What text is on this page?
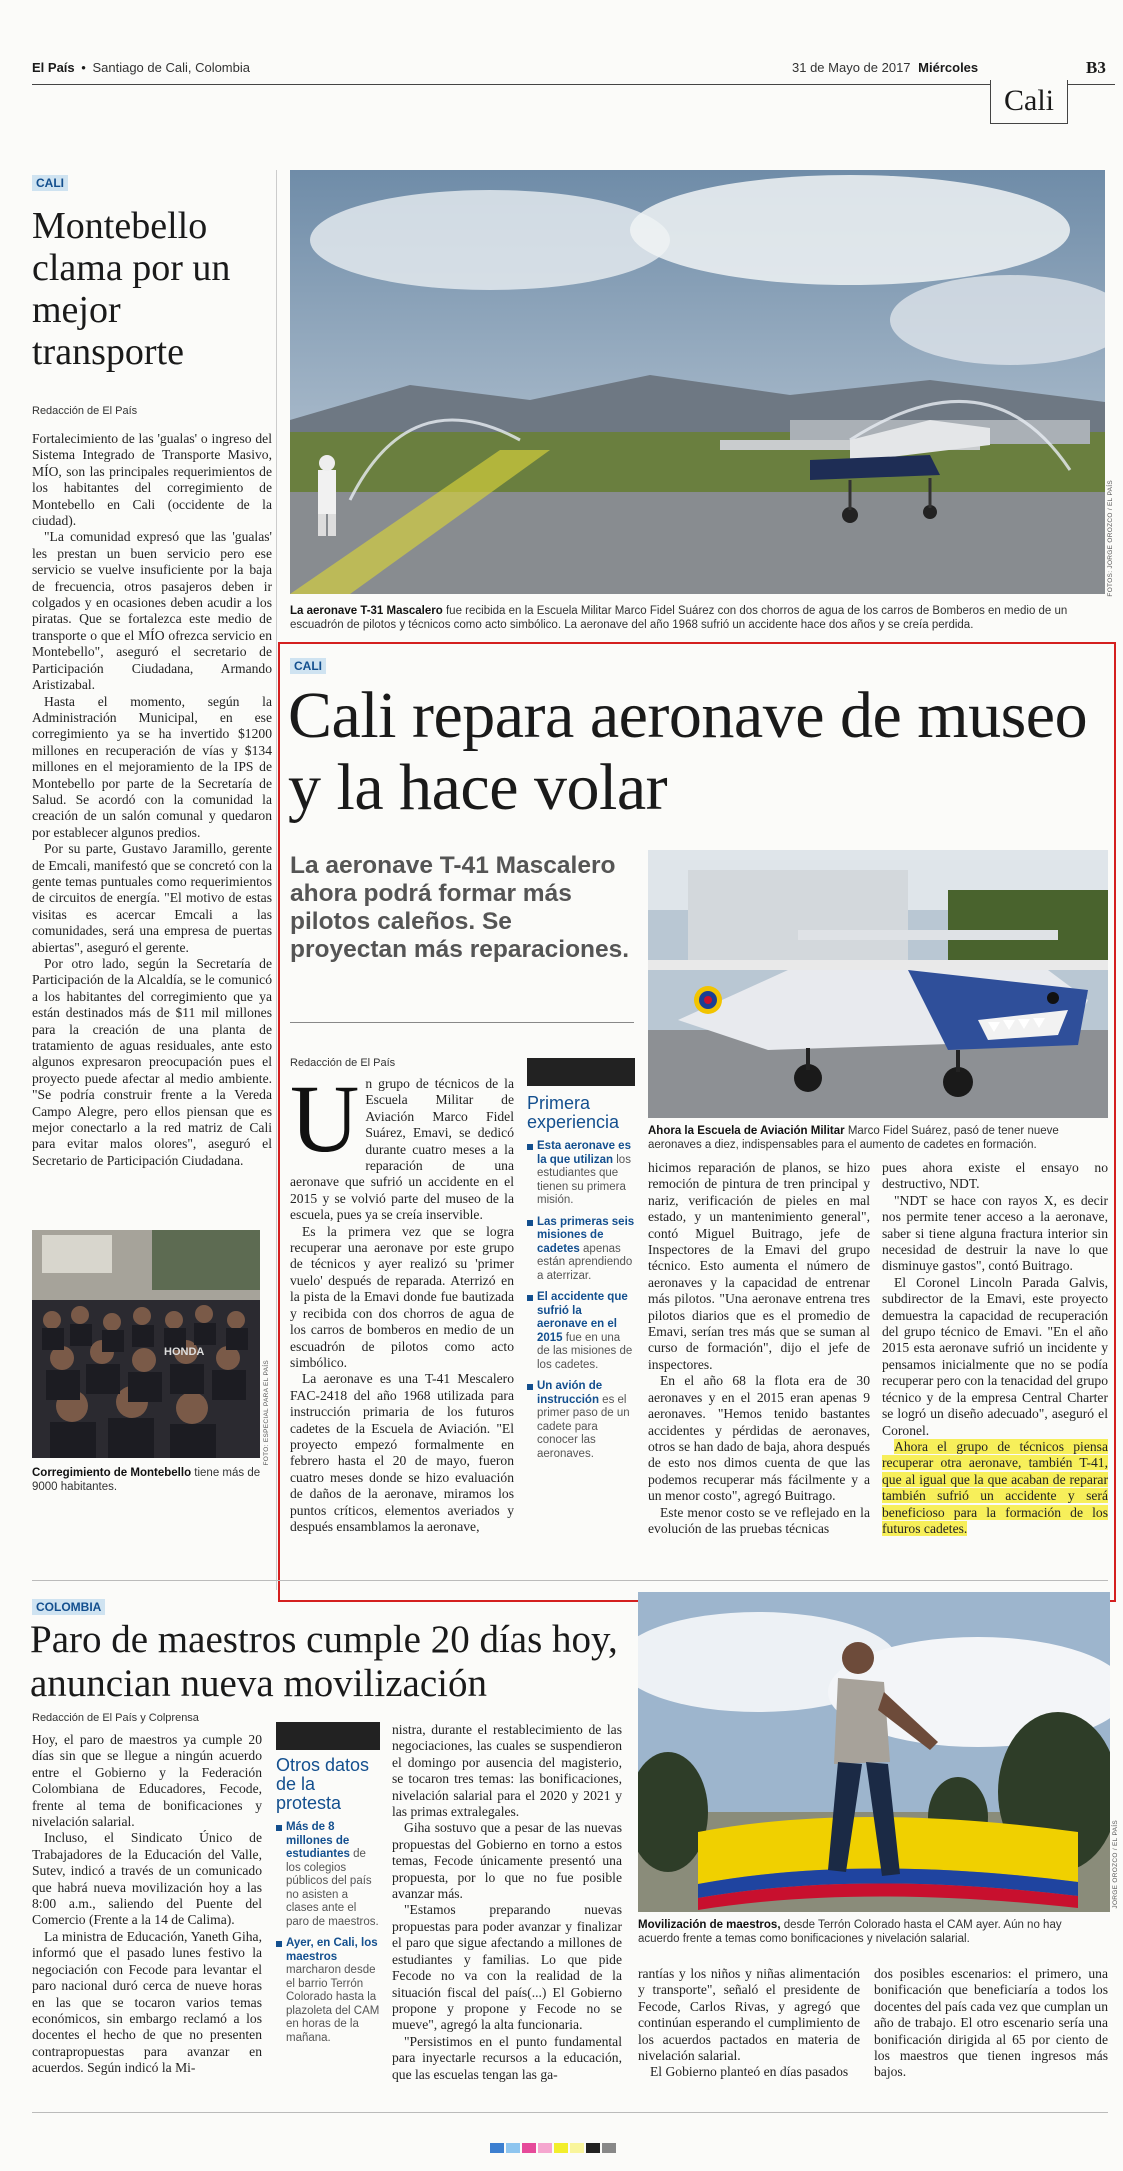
El País • Santiago de Cali, Colombia	31 de Mayo de 2017 Miércoles	B3
Cali
CALI
Montebello clama por un mejor transporte
Redacción de El País

Fortalecimiento de las 'gualas' o ingreso del Sistema Integrado de Transporte Masivo, MÍO, son las principales requerimientos de los habitantes del corregimiento de Montebello en Cali (occidente de la ciudad).

"La comunidad expresó que las 'gualas' les prestan un buen servicio pero ese servicio se vuelve insuficiente por la baja de frecuencia, otros pasajeros deben ir colgados y en ocasiones deben acudir a los piratas. Que se fortalezca este medio de transporte o que el MÍO ofrezca servicio en Montebello", aseguró el secretario de Participación Ciudadana, Armando Aristizabal.

Hasta el momento, según la Administración Municipal, en ese corregimiento ya se ha invertido $1200 millones en recuperación de vías y $134 millones en el mejoramiento de la IPS de Montebello por parte de la Secretaría de Salud. Se acordó con la comunidad la creación de un salón comunal y quedaron por establecer algunos predios.

Por su parte, Gustavo Jaramillo, gerente de Emcali, manifestó que se concretó con la gente temas puntuales como requerimientos de circuitos de energía. "El motivo de estas visitas es acercar Emcali a las comunidades, será una empresa de puertas abiertas", aseguró el gerente.

Por otro lado, según la Secretaría de Participación de la Alcaldía, se le comunicó a los habitantes del corregimiento que ya están destinados más de $11 mil millones para la creación de una planta de tratamiento de aguas residuales, ante esto algunos expresaron preocupación pues el proyecto puede afectar al medio ambiente. "Se podría construir frente a la Vereda Campo Alegre, pero ellos piensan que es mejor conectarlo a la red matriz de Cali para evitar malos olores", aseguró el Secretario de Participación Ciudadana.

HONDA
FOTO: ESPECIAL PARA EL PAÍS
Corregimiento de Montebello tiene más de 9000 habitantes.
FOTOS: JORGE OROZCO / EL PAÍS
La aeronave T-31 Mascalero fue recibida en la Escuela Militar Marco Fidel Suárez con dos chorros de agua de los carros de Bomberos en medio de un escuadrón de pilotos y técnicos como acto simbólico. La aeronave del año 1968 sufrió un accidente hace dos años y se creía perdida.
CALI
Cali repara aeronave de museo y la hace volar
La aeronave T-41 Mascalero ahora podrá formar más pilotos caleños. Se proyectan más reparaciones.
Ahora la Escuela de Aviación Militar Marco Fidel Suárez, pasó de tener nueve aeronaves a diez, indispensables para el aumento de cadetes en formación.
Redacción de El País
U n grupo de técnicos de la Escuela Militar de Aviación Marco Fidel Suárez, Emavi, se dedicó durante cuatro meses a la reparación de una aeronave que sufrió un accidente en el 2015 y se volvió parte del museo de la escuela, pues ya se creía inservible.

Es la primera vez que se logra recuperar una aeronave por este grupo de técnicos y ayer realizó su 'primer vuelo' después de reparada. Aterrizó en la pista de la Emavi donde fue bautizada y recibida con dos chorros de agua de los carros de bomberos en medio de un escuadrón de pilotos como acto simbólico.

La aeronave es una T-41 Mescalero FAC-2418 del año 1968 utilizada para instrucción primaria de los futuros cadetes de la Escuela de Aviación. "El proyecto empezó formalmente en febrero hasta el 20 de mayo, fueron cuatro meses donde se hizo evaluación de daños de la aeronave, miramos los puntos críticos, elementos averiados y después ensamblamos la aeronave,

Primera experiencia
Esta aeronave es la que utilizan los estudiantes que tienen su primera misión.
Las primeras seis misiones de cadetes apenas están aprendiendo a aterrizar.
El accidente que sufrió la aeronave en el 2015 fue en una de las misiones de los cadetes.
Un avión de instrucción es el primer paso de un cadete para conocer las aeronaves.

hicimos reparación de planos, se hizo remoción de pintura de tren principal y nariz, verificación de pieles en mal estado, y un mantenimiento general", contó Miguel Buitrago, jefe de Inspectores de la Emavi del grupo técnico. Esto aumenta el número de aeronaves y la capacidad de entrenar más pilotos. "Una aeronave entrena tres pilotos diarios que es el promedio de Emavi, serían tres más que se suman al curso de formación", dijo el jefe de inspectores.

En el año 68 la flota era de 30 aeronaves y en el 2015 eran apenas 9 aeronaves. "Hemos tenido bastantes accidentes y pérdidas de aeronaves, otros se han dado de baja, ahora después de esto nos dimos cuenta de que las podemos recuperar más fácilmente y a un menor costo", agregó Buitrago.

Este menor costo se ve reflejado en la evolución de las pruebas técnicas

pues ahora existe el ensayo no destructivo, NDT.

"NDT se hace con rayos X, es decir nos permite tener acceso a la aeronave, saber si tiene alguna fractura interior sin necesidad de destruir la nave lo que disminuye gastos", contó Buitrago.

El Coronel Lincoln Parada Galvis, subdirector de la Emavi, este proyecto demuestra la capacidad de recuperación del grupo técnico de Emavi. "En el año 2015 esta aeronave sufrió un incidente y pensamos inicialmente que no se podía recuperar pero con la tenacidad del grupo técnico y de la empresa Central Charter se logró un diseño adecuado", aseguró el Coronel.

Ahora el grupo de técnicos piensa recuperar otra aeronave, también T-41, que al igual que la que acaban de reparar también sufrió un accidente y será beneficioso para la formación de los futuros cadetes.

COLOMBIA
Paro de maestros cumple 20 días hoy, anuncian nueva movilización
Redacción de El País y Colprensa

Hoy, el paro de maestros ya cumple 20 días sin que se llegue a ningún acuerdo entre el Gobierno y la Federación Colombiana de Educadores, Fecode, frente al tema de bonificaciones y nivelación salarial.

Incluso, el Sindicato Único de Trabajadores de la Educación del Valle, Sutev, indicó a través de un comunicado que habrá nueva movilización hoy a las 8:00 a.m., saliendo del Puente del Comercio (Frente a la 14 de Calima).

La ministra de Educación, Yaneth Giha, informó que el pasado lunes festivo la negociación con Fecode para levantar el paro nacional duró cerca de nueve horas en las que se tocaron varios temas económicos, sin embargo reclamó a los docentes el hecho de que no presenten contrapropuestas para avanzar en acuerdos. Según indicó la Mi-

Otros datos de la protesta
Más de 8 millones de estudiantes de los colegios públicos del país no asisten a clases ante el paro de maestros.
Ayer, en Cali, los maestros marcharon desde el barrio Terrón Colorado hasta la plazoleta del CAM en horas de la mañana.

nistra, durante el restablecimiento de las negociaciones, las cuales se suspendieron el domingo por ausencia del magisterio, se tocaron tres temas: las bonificaciones, nivelación salarial para el 2020 y 2021 y las primas extralegales.

Giha sostuvo que a pesar de las nuevas propuestas del Gobierno en torno a estos temas, Fecode únicamente presentó una propuesta, por lo que no fue posible avanzar más.

"Estamos preparando nuevas propuestas para poder avanzar y finalizar el paro que sigue afectando a millones de estudiantes y familias. Lo que pide Fecode no va con la realidad de la situación fiscal del país(...) El Gobierno propone y propone y Fecode no se mueve", agregó la alta funcionaria.

"Persistimos en el punto fundamental para inyectarle recursos a la educación, que las escuelas tengan las ga-

JORGE OROZCO / EL PAÍS
Movilización de maestros, desde Terrón Colorado hasta el CAM ayer. Aún no hay acuerdo frente a temas como bonificaciones y nivelación salarial.

rantías y los niños y niñas alimentación y transporte", señaló el presidente de Fecode, Carlos Rivas, y agregó que continúan esperando el cumplimiento de los acuerdos pactados en materia de nivelación salarial.

El Gobierno planteó en días pasados

dos posibles escenarios: el primero, una bonificación que beneficiaría a todos los docentes del país cada vez que cumplan un año de trabajo. El otro escenario sería una bonificación dirigida al 65 por ciento de los maestros que tienen ingresos más bajos.
